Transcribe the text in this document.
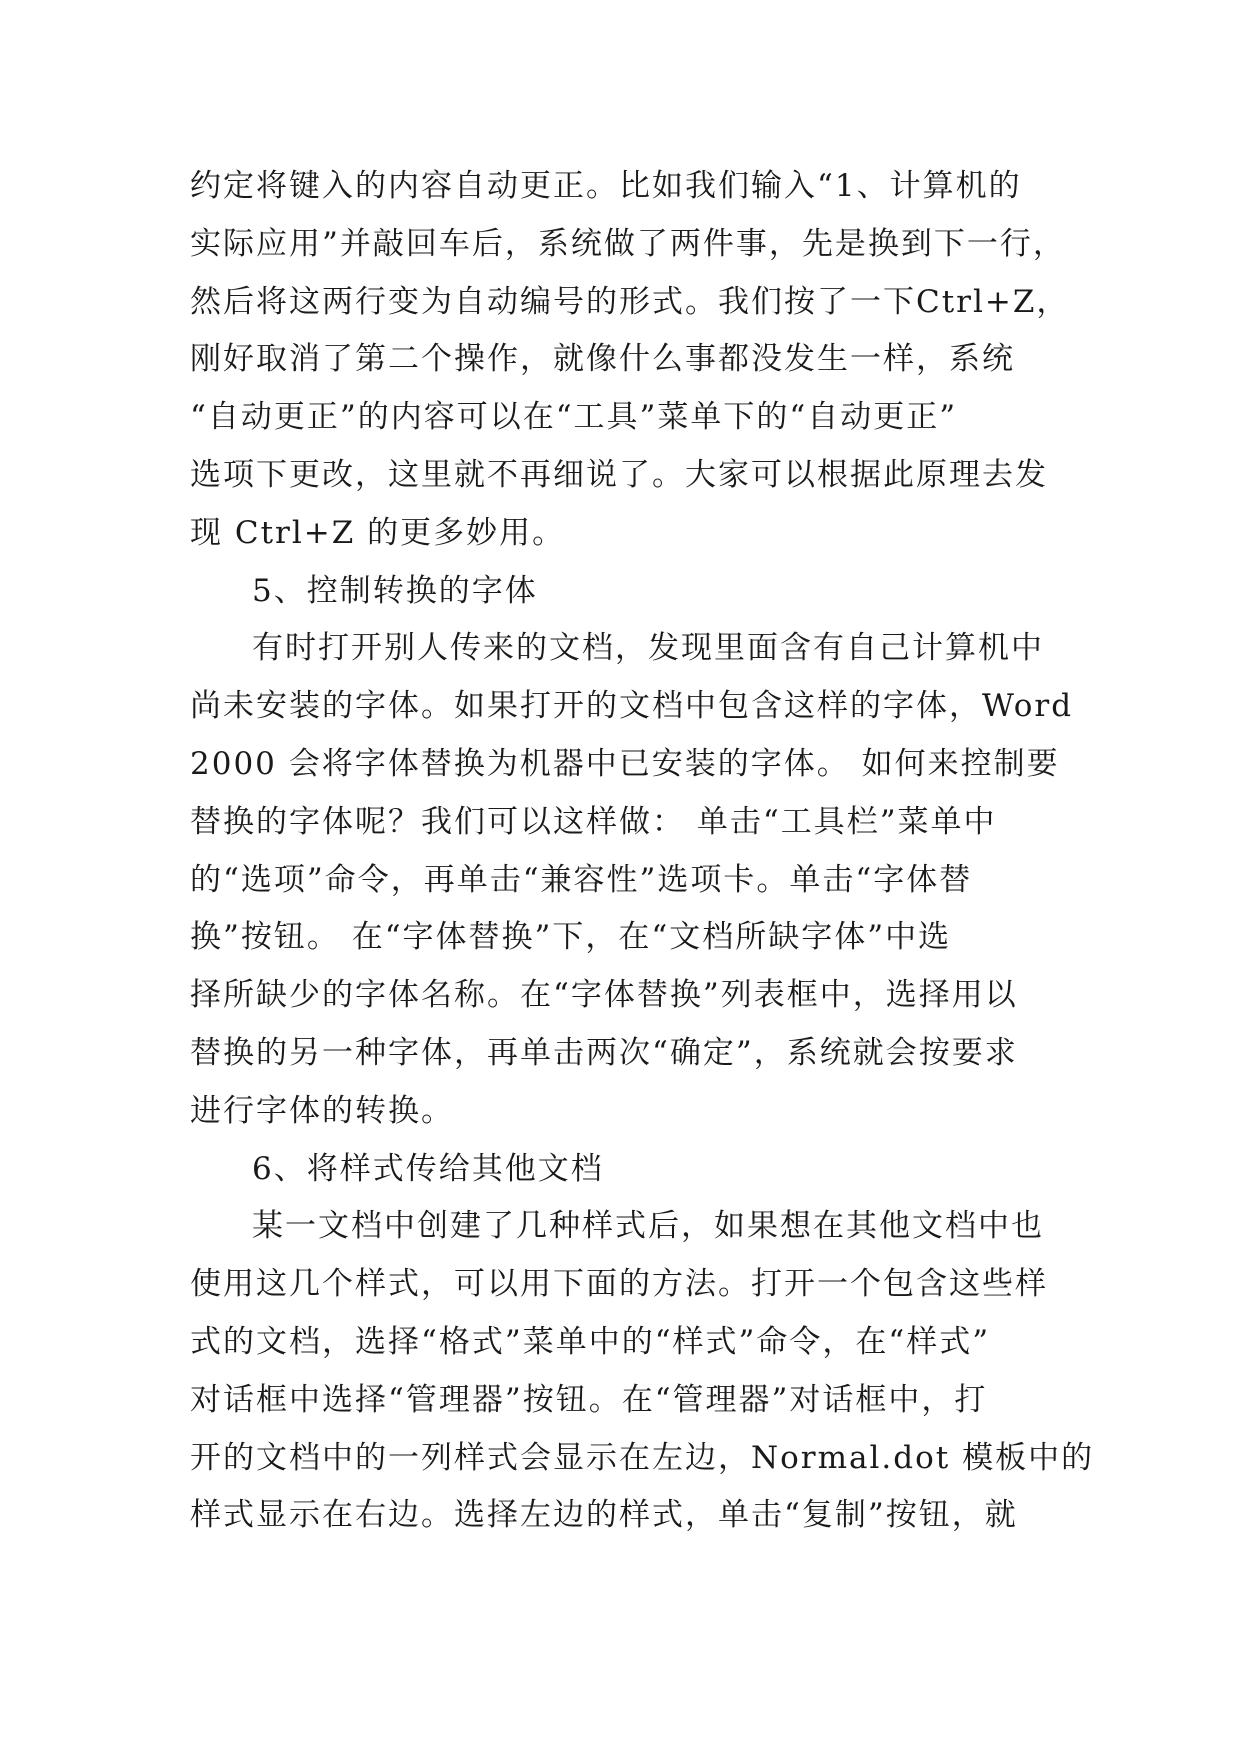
约定将键入的内容自动更正。比如我们输入“1、计算机的
实际应用”并敲回车后，系统做了两件事，先是换到下一行，
然后将这两行变为自动编号的形式。我们按了一下Ctrl+Z，
刚好取消了第二个操作，就像什么事都没发生一样，系统
“自动更正”的内容可以在“工具”菜单下的“自动更正”
选项下更改，这里就不再细说了。大家可以根据此原理去发
现 Ctrl+Z 的更多妙用。
5、控制转换的字体
有时打开别人传来的文档，发现里面含有自己计算机中
尚未安装的字体。如果打开的文档中包含这样的字体，Word
2000 会将字体替换为机器中已安装的字体。 如何来控制要
替换的字体呢？我们可以这样做： 单击“工具栏”菜单中
的“选项”命令，再单击“兼容性”选项卡。单击“字体替
换”按钮。 在“字体替换”下，在“文档所缺字体”中选
择所缺少的字体名称。在“字体替换”列表框中，选择用以
替换的另一种字体，再单击两次“确定”，系统就会按要求
进行字体的转换。
6、将样式传给其他文档
某一文档中创建了几种样式后，如果想在其他文档中也
使用这几个样式，可以用下面的方法。打开一个包含这些样
式的文档，选择“格式”菜单中的“样式”命令，在“样式”
对话框中选择“管理器”按钮。在“管理器”对话框中，打
开的文档中的一列样式会显示在左边，Normal.dot 模板中的
样式显示在右边。选择左边的样式，单击“复制”按钮，就
